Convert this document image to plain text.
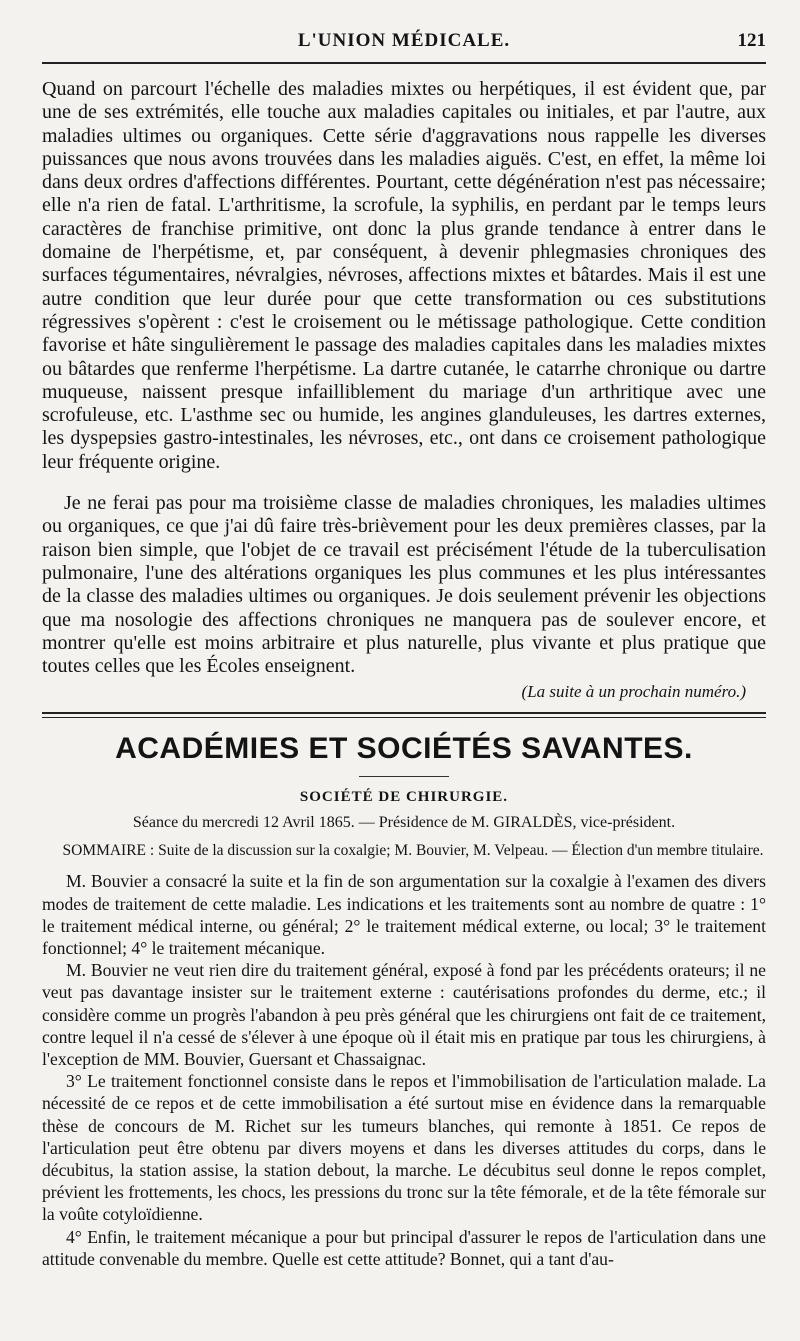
L'UNION MÉDICALE.	121

Quand on parcourt l'échelle des maladies mixtes ou herpétiques, il est évident que, par une de ses extrémités, elle touche aux maladies capitales ou initiales, et par l'autre, aux maladies ultimes ou organiques. Cette série d'aggravations nous rappelle les diverses puissances que nous avons trouvées dans les maladies aiguës. C'est, en effet, la même loi dans deux ordres d'affections différentes. Pourtant, cette dégénération n'est pas nécessaire; elle n'a rien de fatal. L'arthritisme, la scrofule, la syphilis, en perdant par le temps leurs caractères de franchise primitive, ont donc la plus grande tendance à entrer dans le domaine de l'herpétisme, et, par conséquent, à devenir phlegmasies chroniques des surfaces tégumentaires, névralgies, névroses, affections mixtes et bâtardes. Mais il est une autre condition que leur durée pour que cette transformation ou ces substitutions régressives s'opèrent : c'est le croisement ou le métissage pathologique. Cette condition favorise et hâte singulièrement le passage des maladies capitales dans les maladies mixtes ou bâtardes que renferme l'herpétisme. La dartre cutanée, le catarrhe chronique ou dartre muqueuse, naissent presque infailliblement du mariage d'un arthritique avec une scrofuleuse, etc. L'asthme sec ou humide, les angines glanduleuses, les dartres externes, les dyspepsies gastro-intestinales, les névroses, etc., ont dans ce croisement pathologique leur fréquente origine.

Je ne ferai pas pour ma troisième classe de maladies chroniques, les maladies ultimes ou organiques, ce que j'ai dû faire très-brièvement pour les deux premières classes, par la raison bien simple, que l'objet de ce travail est précisément l'étude de la tuberculisation pulmonaire, l'une des altérations organiques les plus communes et les plus intéressantes de la classe des maladies ultimes ou organiques. Je dois seulement prévenir les objections que ma nosologie des affections chroniques ne manquera pas de soulever encore, et montrer qu'elle est moins arbitraire et plus naturelle, plus vivante et plus pratique que toutes celles que les Écoles enseignent.

(La suite à un prochain numéro.)
ACADÉMIES ET SOCIÉTÉS SAVANTES.
SOCIÉTÉ DE CHIRURGIE.
Séance du mercredi 12 Avril 1865. — Présidence de M. GIRALDÈS, vice-président.
SOMMAIRE : Suite de la discussion sur la coxalgie; M. Bouvier, M. Velpeau. — Élection d'un membre titulaire.

M. Bouvier a consacré la suite et la fin de son argumentation sur la coxalgie à l'examen des divers modes de traitement de cette maladie. Les indications et les traitements sont au nombre de quatre : 1° le traitement médical interne, ou général; 2° le traitement médical externe, ou local; 3° le traitement fonctionnel; 4° le traitement mécanique.

M. Bouvier ne veut rien dire du traitement général, exposé à fond par les précédents orateurs; il ne veut pas davantage insister sur le traitement externe : cautérisations profondes du derme, etc.; il considère comme un progrès l'abandon à peu près général que les chirurgiens ont fait de ce traitement, contre lequel il n'a cessé de s'élever à une époque où il était mis en pratique par tous les chirurgiens, à l'exception de MM. Bouvier, Guersant et Chassaignac.

3° Le traitement fonctionnel consiste dans le repos et l'immobilisation de l'articulation malade. La nécessité de ce repos et de cette immobilisation a été surtout mise en évidence dans la remarquable thèse de concours de M. Richet sur les tumeurs blanches, qui remonte à 1851. Ce repos de l'articulation peut être obtenu par divers moyens et dans les diverses attitudes du corps, dans le décubitus, la station assise, la station debout, la marche. Le décubitus seul donne le repos complet, prévient les frottements, les chocs, les pressions du tronc sur la tête fémorale, et de la tête fémorale sur la voûte cotyloïdienne.

4° Enfin, le traitement mécanique a pour but principal d'assurer le repos de l'articulation dans une attitude convenable du membre. Quelle est cette attitude? Bonnet, qui a tant d'au-
